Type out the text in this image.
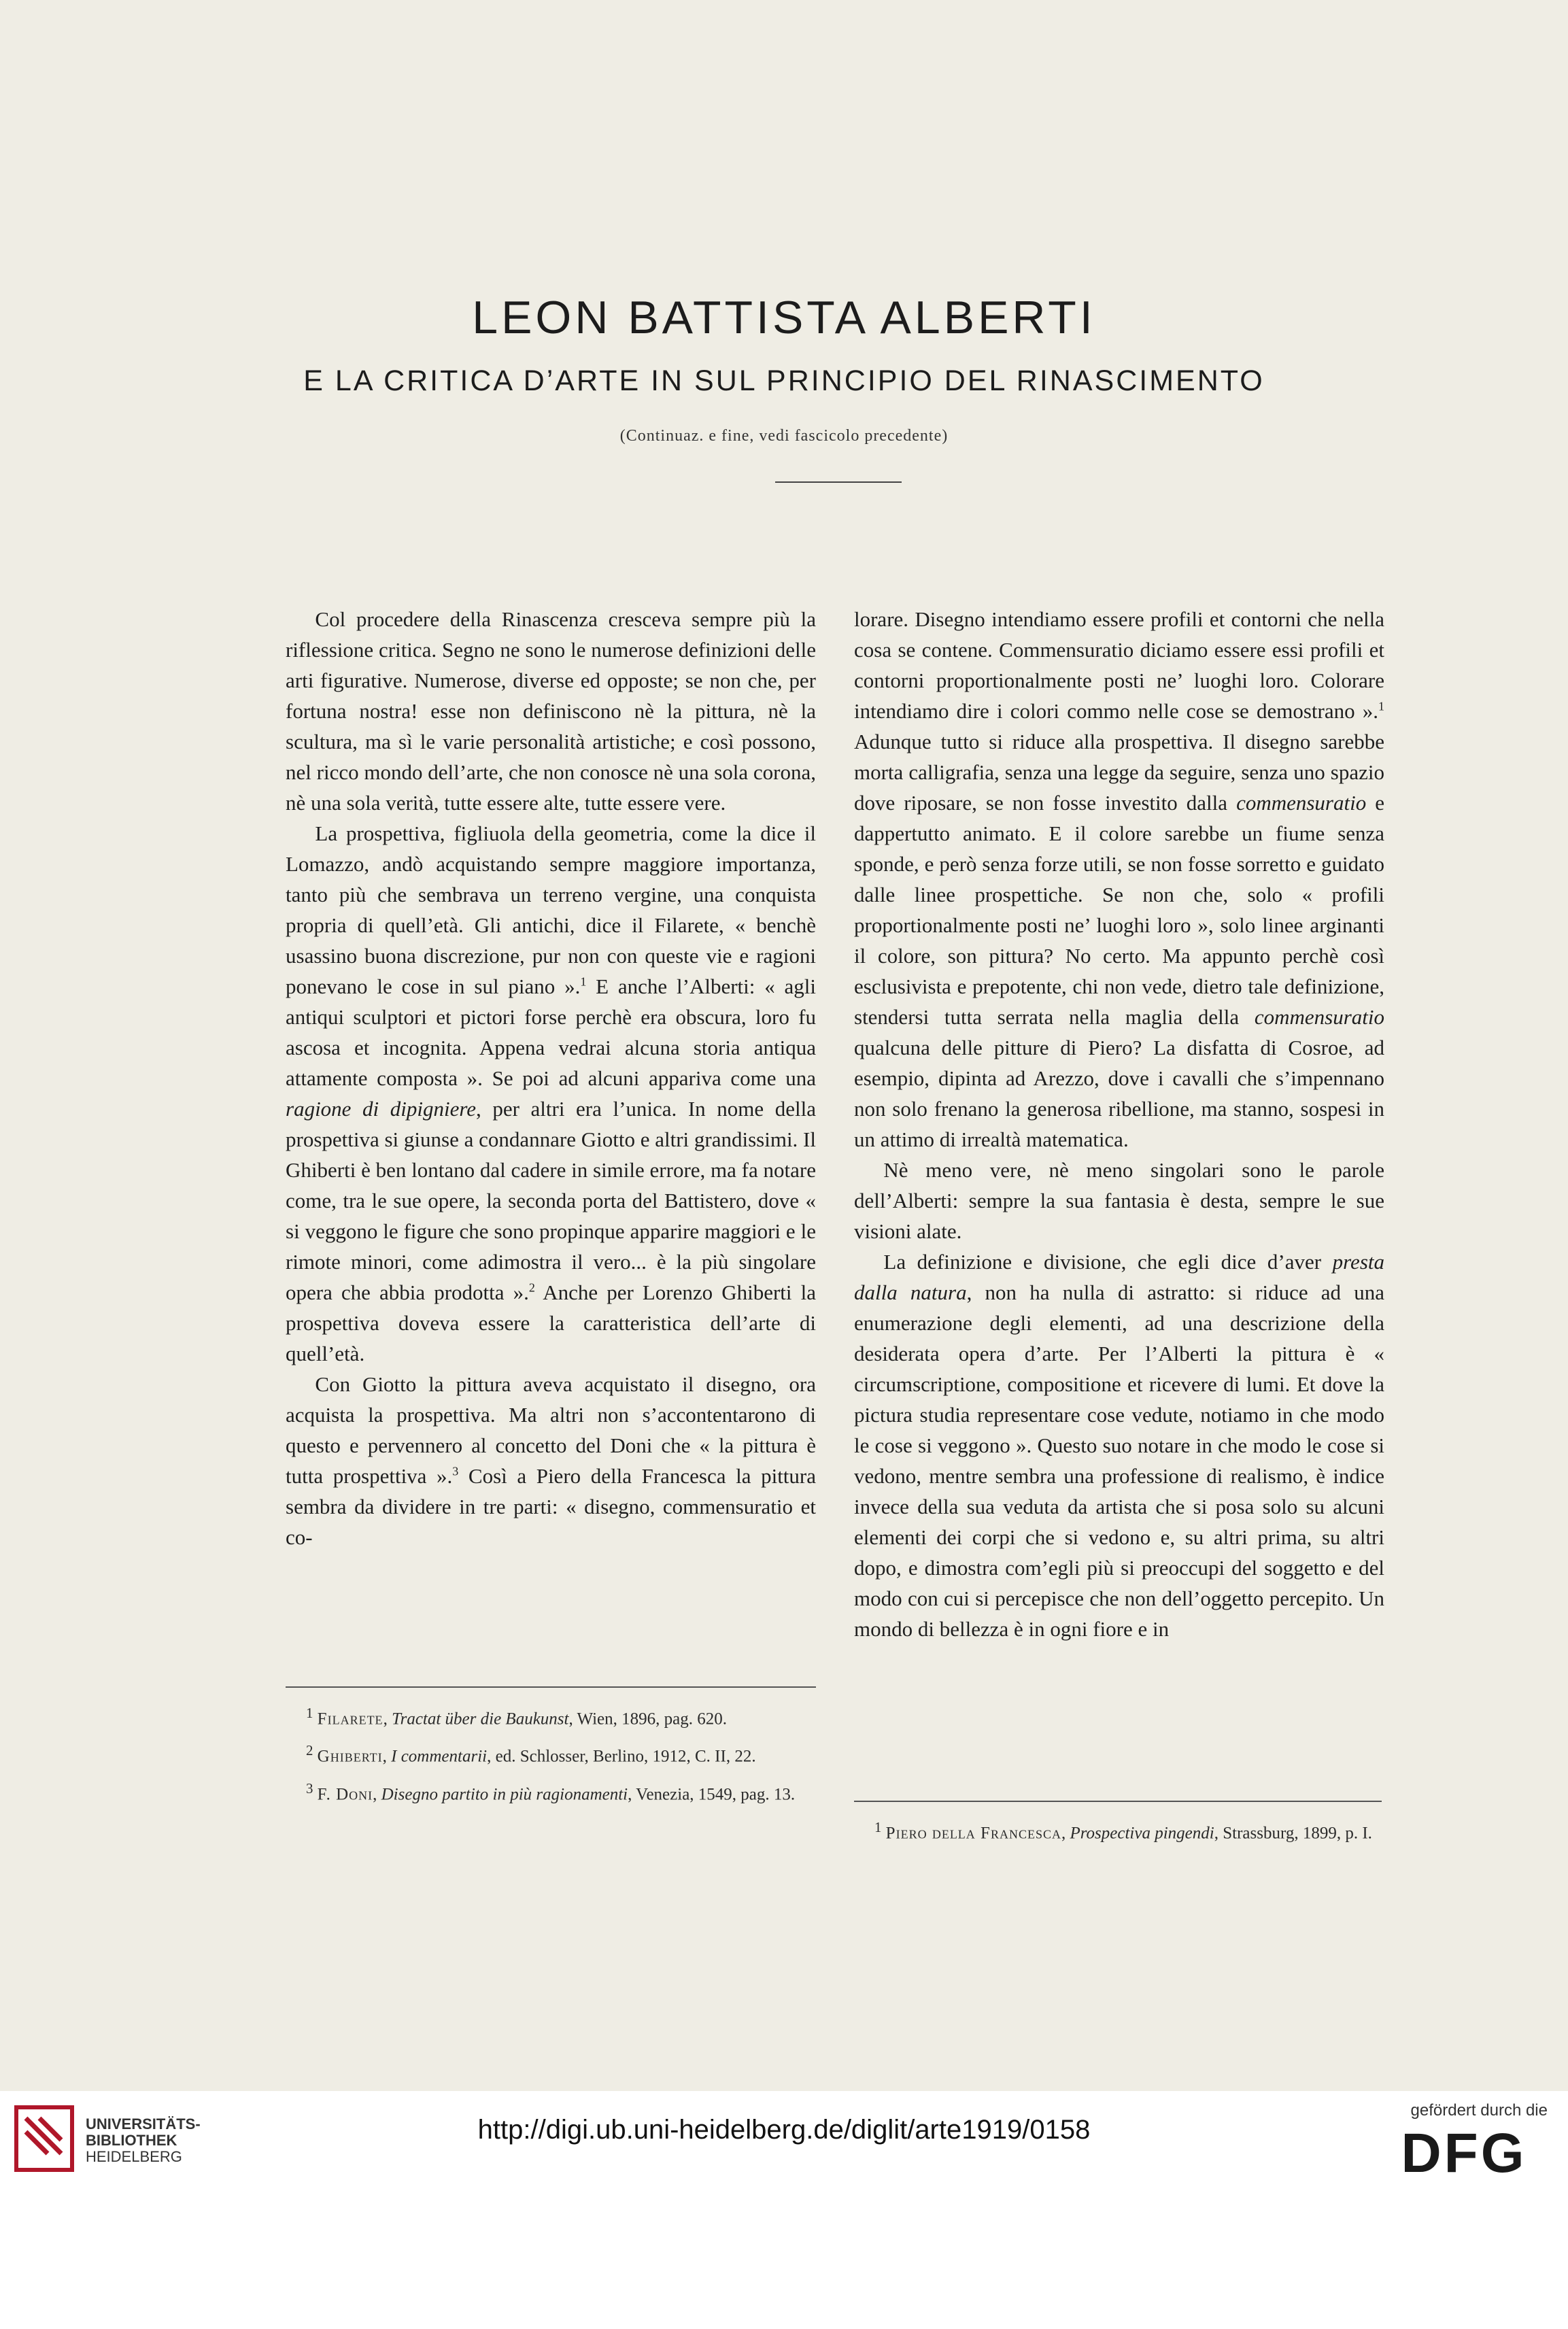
LEON BATTISTA ALBERTI
E LA CRITICA D’ARTE IN SUL PRINCIPIO DEL RINASCIMENTO
(Continuaz. e fine, vedi fascicolo precedente)

Col procedere della Rinascenza cresceva sempre più la riflessione critica. Segno ne sono le numerose definizioni delle arti figurative. Numerose, diverse ed opposte; se non che, per fortuna nostra! esse non definiscono nè la pittura, nè la scultura, ma sì le varie personalità artistiche; e così possono, nel ricco mondo dell’arte, che non conosce nè una sola corona, nè una sola verità, tutte essere alte, tutte essere vere.

La prospettiva, figliuola della geometria, come la dice il Lomazzo, andò acquistando sempre maggiore importanza, tanto più che sembrava un terreno vergine, una conquista propria di quell’età. Gli antichi, dice il Filarete, « benchè usassino buona discrezione, pur non con queste vie e ragioni ponevano le cose in sul piano ».$^1$ E anche l’Alberti: « agli antiqui sculptori et pictori forse perchè era obscura, loro fu ascosa et incognita. Appena vedrai alcuna storia antiqua attamente composta ». Se poi ad alcuni appariva come una ragione di dipigniere, per altri era l’unica. In nome della prospettiva si giunse a condannare Giotto e altri grandissimi. Il Ghiberti è ben lontano dal cadere in simile errore, ma fa notare come, tra le sue opere, la seconda porta del Battistero, dove « si veggono le figure che sono propinque apparire maggiori e le rimote minori, come adimostra il vero... è la più singolare opera che abbia prodotta ».$^2$ Anche per Lorenzo Ghiberti la prospettiva doveva essere la caratteristica dell’arte di quell’età.

Con Giotto la pittura aveva acquistato il disegno, ora acquista la prospettiva. Ma altri non s’accontentarono di questo e pervennero al concetto del Doni che « la pittura è tutta prospettiva ».$^3$ Così a Piero della Francesca la pittura sembra da dividere in tre parti: « disegno, commensuratio et co-

lorare. Disegno intendiamo essere profili et contorni che nella cosa se contene. Commensuratio diciamo essere essi profili et contorni proportionalmente posti ne’ luoghi loro. Colorare intendiamo dire i colori commo nelle cose se demostrano ».$^1$ Adunque tutto si riduce alla prospettiva. Il disegno sarebbe morta calligrafia, senza una legge da seguire, senza uno spazio dove riposare, se non fosse investito dalla commensuratio e dappertutto animato. E il colore sarebbe un fiume senza sponde, e però senza forze utili, se non fosse sorretto e guidato dalle linee prospettiche. Se non che, solo « profili proportionalmente posti ne’ luoghi loro », solo linee arginanti il colore, son pittura? No certo. Ma appunto perchè così esclusivista e prepotente, chi non vede, dietro tale definizione, stendersi tutta serrata nella maglia della commensuratio qualcuna delle pitture di Piero? La disfatta di Cosroe, ad esempio, dipinta ad Arezzo, dove i cavalli che s’impennano non solo frenano la generosa ribellione, ma stanno, sospesi in un attimo di irrealtà matematica.

Nè meno vere, nè meno singolari sono le parole dell’Alberti: sempre la sua fantasia è desta, sempre le sue visioni alate.

La definizione e divisione, che egli dice d’aver presta dalla natura, non ha nulla di astratto: si riduce ad una enumerazione degli elementi, ad una descrizione della desiderata opera d’arte. Per l’Alberti la pittura è « circumscriptione, compositione et ricevere di lumi. Et dove la pictura studia representare cose vedute, notiamo in che modo le cose si veggono ». Questo suo notare in che modo le cose si vedono, mentre sembra una professione di realismo, è indice invece della sua veduta da artista che si posa solo su alcuni elementi dei corpi che si vedono e, su altri prima, su altri dopo, e dimostra com’egli più si preoccupi del soggetto e del modo con cui si percepisce che non dell’oggetto percepito. Un mondo di bellezza è in ogni fiore e in

$^1$ Filarete, Tractat über die Baukunst, Wien, 1896, pag. 620.

$^2$ Ghiberti, I commentarii, ed. Schlosser, Berlino, 1912, C. II, 22.

$^3$ F. Doni, Disegno partito in più ragionamenti, Venezia, 1549, pag. 13.

$^1$ Piero della Francesca, Prospectiva pingendi, Strassburg, 1899, p. I.

UNIVERSITÄTS-
BIBLIOTHEK
HEIDELBERG
http://digi.ub.uni-heidelberg.de/diglit/arte1919/0158
gefördert durch die
DFG
